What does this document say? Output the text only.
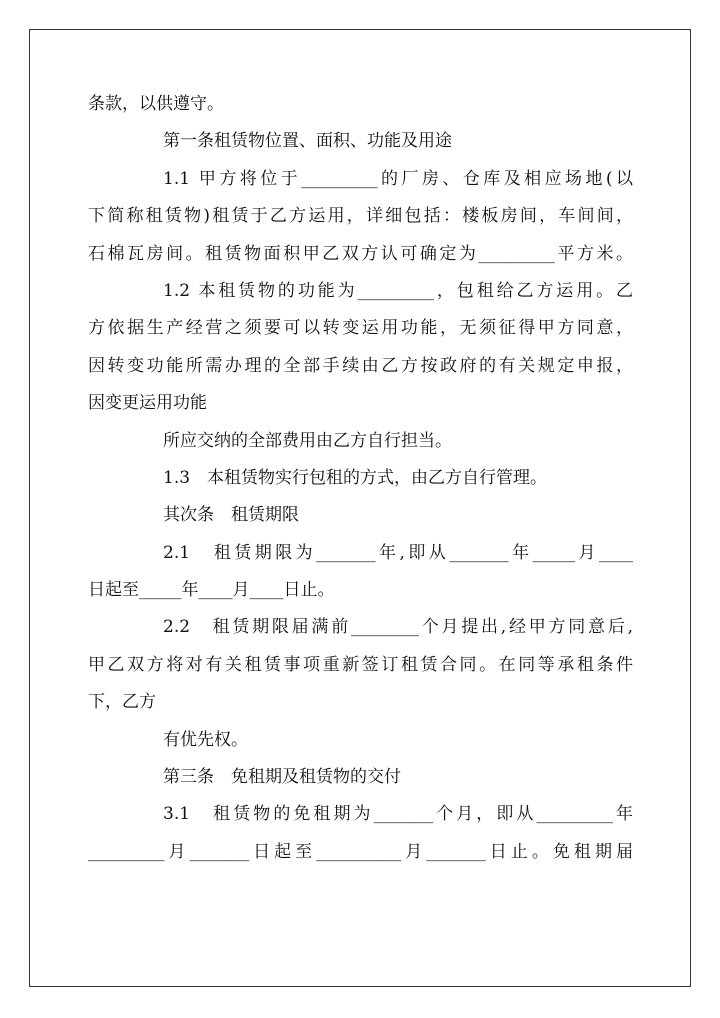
条款，以供遵守。
第一条租赁物位置、面积、功能及用途
1.1 甲方将位于_________的厂房、仓库及相应场地(以
下简称租赁物)租赁于乙方运用，详细包括：楼板房间，车间间，
石棉瓦房间。租赁物面积甲乙双方认可确定为_________平方米。
1.2 本租赁物的功能为_________，包租给乙方运用。乙
方依据生产经营之须要可以转变运用功能，无须征得甲方同意，
因转变功能所需办理的全部手续由乙方按政府的有关规定申报，
因变更运用功能
所应交纳的全部费用由乙方自行担当。
1.3　本租赁物实行包租的方式，由乙方自行管理。
其次条　租赁期限
2.1　租赁期限为_______年,即从_______年_____月____
日起至_____年____月____日止。
2.2　租赁期限届满前________个月提出,经甲方同意后,
甲乙双方将对有关租赁事项重新签订租赁合同。在同等承租条件
下，乙方
有优先权。
第三条　免租期及租赁物的交付
3.1　租赁物的免租期为_______个月，即从_________年
_________月_______日起至__________月_______日止。免租期届
